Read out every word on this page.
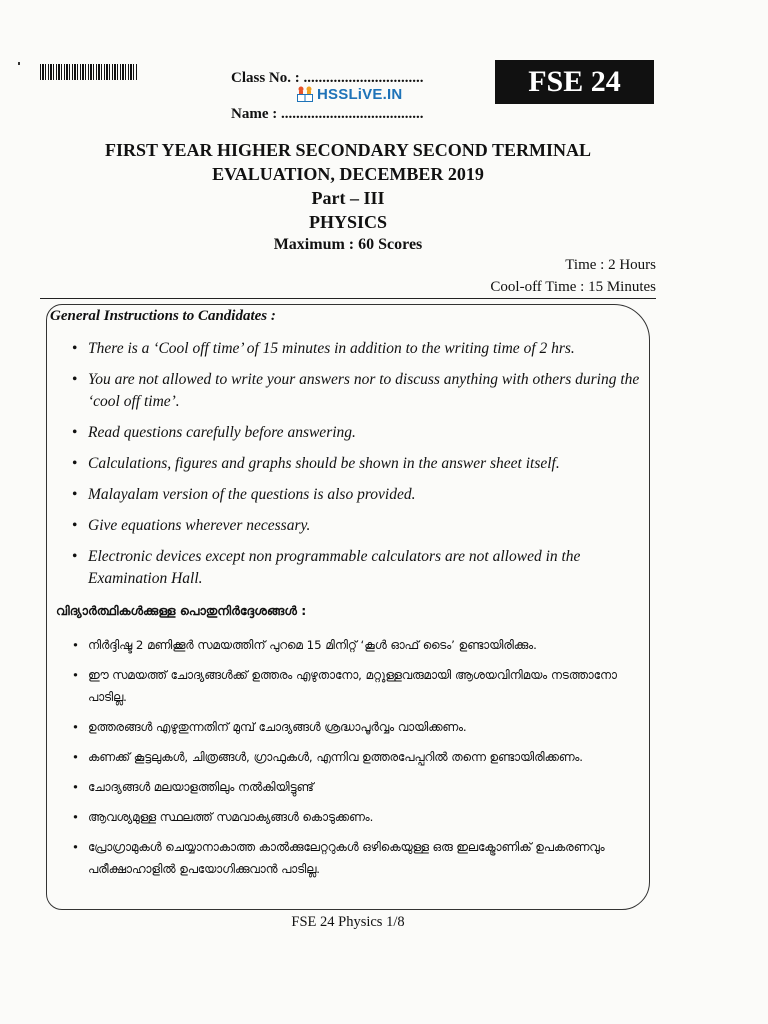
Class No. : ................................
HSSLiVE.IN
Name : ......................................
FSE 24
FIRST YEAR HIGHER SECONDARY SECOND TERMINAL
EVALUATION, DECEMBER 2019
Part – III
PHYSICS
Maximum : 60 Scores
Time : 2 Hours
Cool-off Time : 15 Minutes
General Instructions to Candidates :
• There is a ‘Cool off time’ of 15 minutes in addition to the writing time of 2 hrs.
• You are not allowed to write your answers nor to discuss anything with others during the ‘cool off time’.
• Read questions carefully before answering.
• Calculations, figures and graphs should be shown in the answer sheet itself.
• Malayalam version of the questions is also provided.
• Give equations wherever necessary.
• Electronic devices except non programmable calculators are not allowed in the Examination Hall.
വിദ്യാർത്ഥികൾക്കുള്ള പൊതുനിർദ്ദേശങ്ങൾ :
• നിർദ്ദിഷ്ട 2 മണിക്കൂർ സമയത്തിന് പുറമെ 15 മിനിറ്റ് ‘കൂൾ ഓഫ് ടൈം’ ഉണ്ടായിരിക്കും.
• ഈ സമയത്ത് ചോദ്യങ്ങൾക്ക് ഉത്തരം എഴുതാനോ, മറ്റുള്ളവരുമായി ആശയവിനിമയം നടത്താനോ പാടില്ല.
• ഉത്തരങ്ങൾ എഴുതുന്നതിന് മുമ്പ് ചോദ്യങ്ങൾ ശ്രദ്ധാപൂർവ്വം വായിക്കണം.
• കണക്ക് കൂട്ടലുകൾ, ചിത്രങ്ങൾ, ഗ്രാഫുകൾ, എന്നിവ ഉത്തരപേപ്പറിൽ തന്നെ ഉണ്ടായിരിക്കണം.
• ചോദ്യങ്ങൾ മലയാളത്തിലും നൽകിയിട്ടുണ്ട്
• ആവശ്യമുള്ള സ്ഥലത്ത് സമവാക്യങ്ങൾ കൊടുക്കണം.
• പ്രോഗ്രാമുകൾ ചെയ്യാനാകാത്ത കാൽക്കുലേറ്ററുകൾ ഒഴികെയുള്ള ഒരു ഇലക്ട്രോണിക് ഉപകരണവും പരീക്ഷാഹാളിൽ ഉപയോഗിക്കുവാൻ പാടില്ല.
FSE 24 Physics 1/8
